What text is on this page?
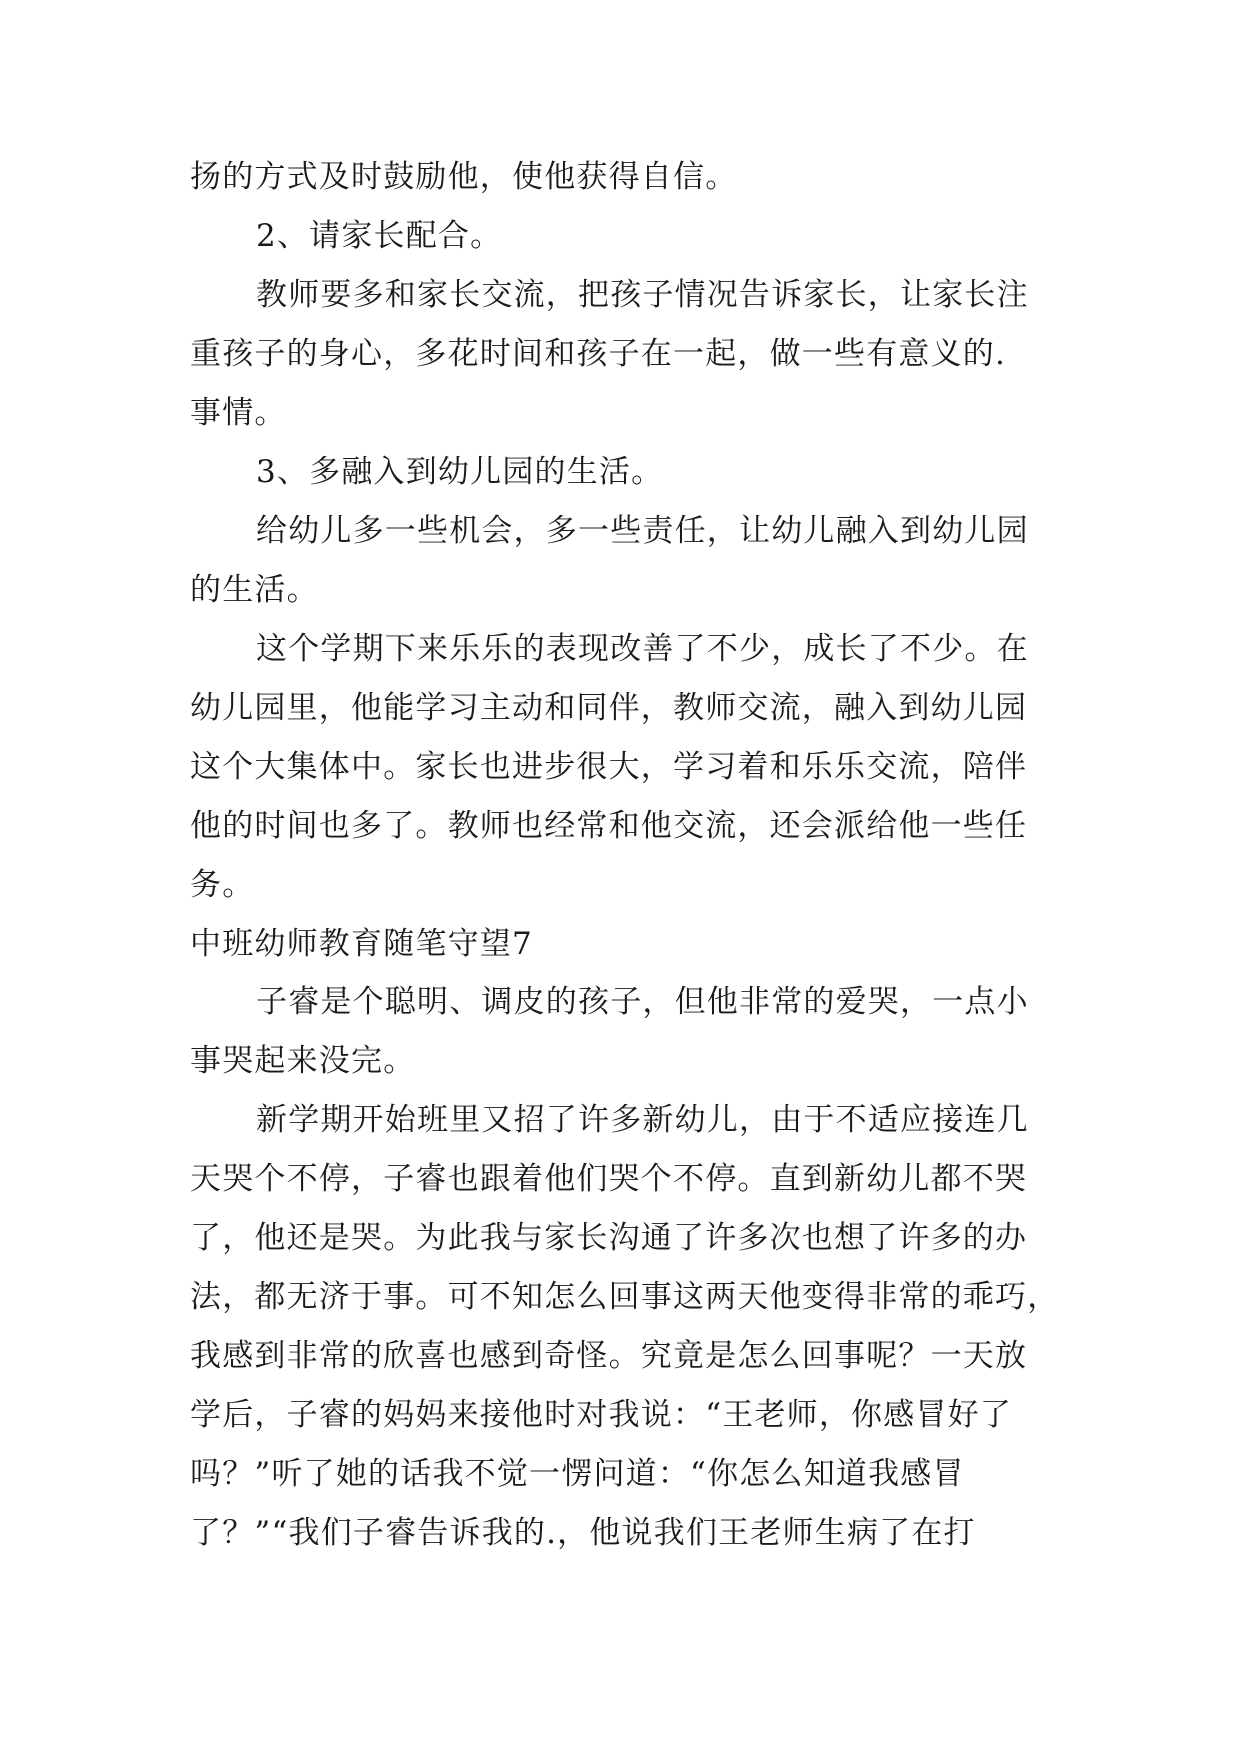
扬的方式及时鼓励他，使他获得自信。
2、请家长配合。
教师要多和家长交流，把孩子情况告诉家长，让家长注
重孩子的身心，多花时间和孩子在一起，做一些有意义的.
事情。
3、多融入到幼儿园的生活。
给幼儿多一些机会，多一些责任，让幼儿融入到幼儿园
的生活。
这个学期下来乐乐的表现改善了不少，成长了不少。在
幼儿园里，他能学习主动和同伴，教师交流，融入到幼儿园
这个大集体中。家长也进步很大，学习着和乐乐交流，陪伴
他的时间也多了。教师也经常和他交流，还会派给他一些任
务。
中班幼师教育随笔守望7
子睿是个聪明、调皮的孩子，但他非常的爱哭，一点小
事哭起来没完。
新学期开始班里又招了许多新幼儿，由于不适应接连几
天哭个不停，子睿也跟着他们哭个不停。直到新幼儿都不哭
了，他还是哭。为此我与家长沟通了许多次也想了许多的办
法，都无济于事。可不知怎么回事这两天他变得非常的乖巧，
我感到非常的欣喜也感到奇怪。究竟是怎么回事呢？一天放
学后，子睿的妈妈来接他时对我说：“王老师，你感冒好了
吗？”听了她的话我不觉一愣问道：“你怎么知道我感冒
了？”“我们子睿告诉我的.，他说我们王老师生病了在打
